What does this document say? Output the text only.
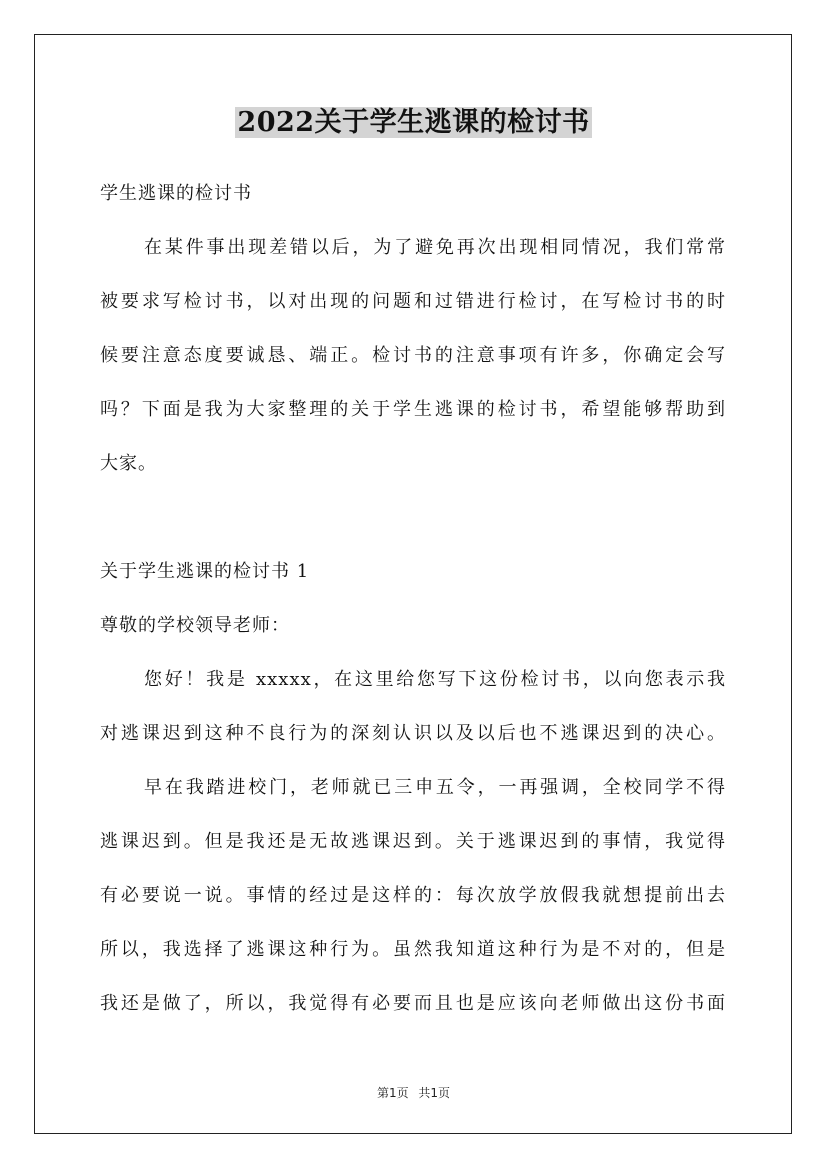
2022关于学生逃课的检讨书
学生逃课的检讨书
在某件事出现差错以后，为了避免再次出现相同情况，我们常常
被要求写检讨书，以对出现的问题和过错进行检讨，在写检讨书的时
候要注意态度要诚恳、端正。检讨书的注意事项有许多，你确定会写
吗？下面是我为大家整理的关于学生逃课的检讨书，希望能够帮助到
大家。
关于学生逃课的检讨书 1
尊敬的学校领导老师：
您好！我是 xxxxx，在这里给您写下这份检讨书，以向您表示我
对逃课迟到这种不良行为的深刻认识以及以后也不逃课迟到的决心。
早在我踏进校门，老师就已三申五令，一再强调，全校同学不得
逃课迟到。但是我还是无故逃课迟到。关于逃课迟到的事情，我觉得
有必要说一说。事情的经过是这样的：每次放学放假我就想提前出去
所以，我选择了逃课这种行为。虽然我知道这种行为是不对的，但是
我还是做了，所以，我觉得有必要而且也是应该向老师做出这份书面
第1页 共1页
